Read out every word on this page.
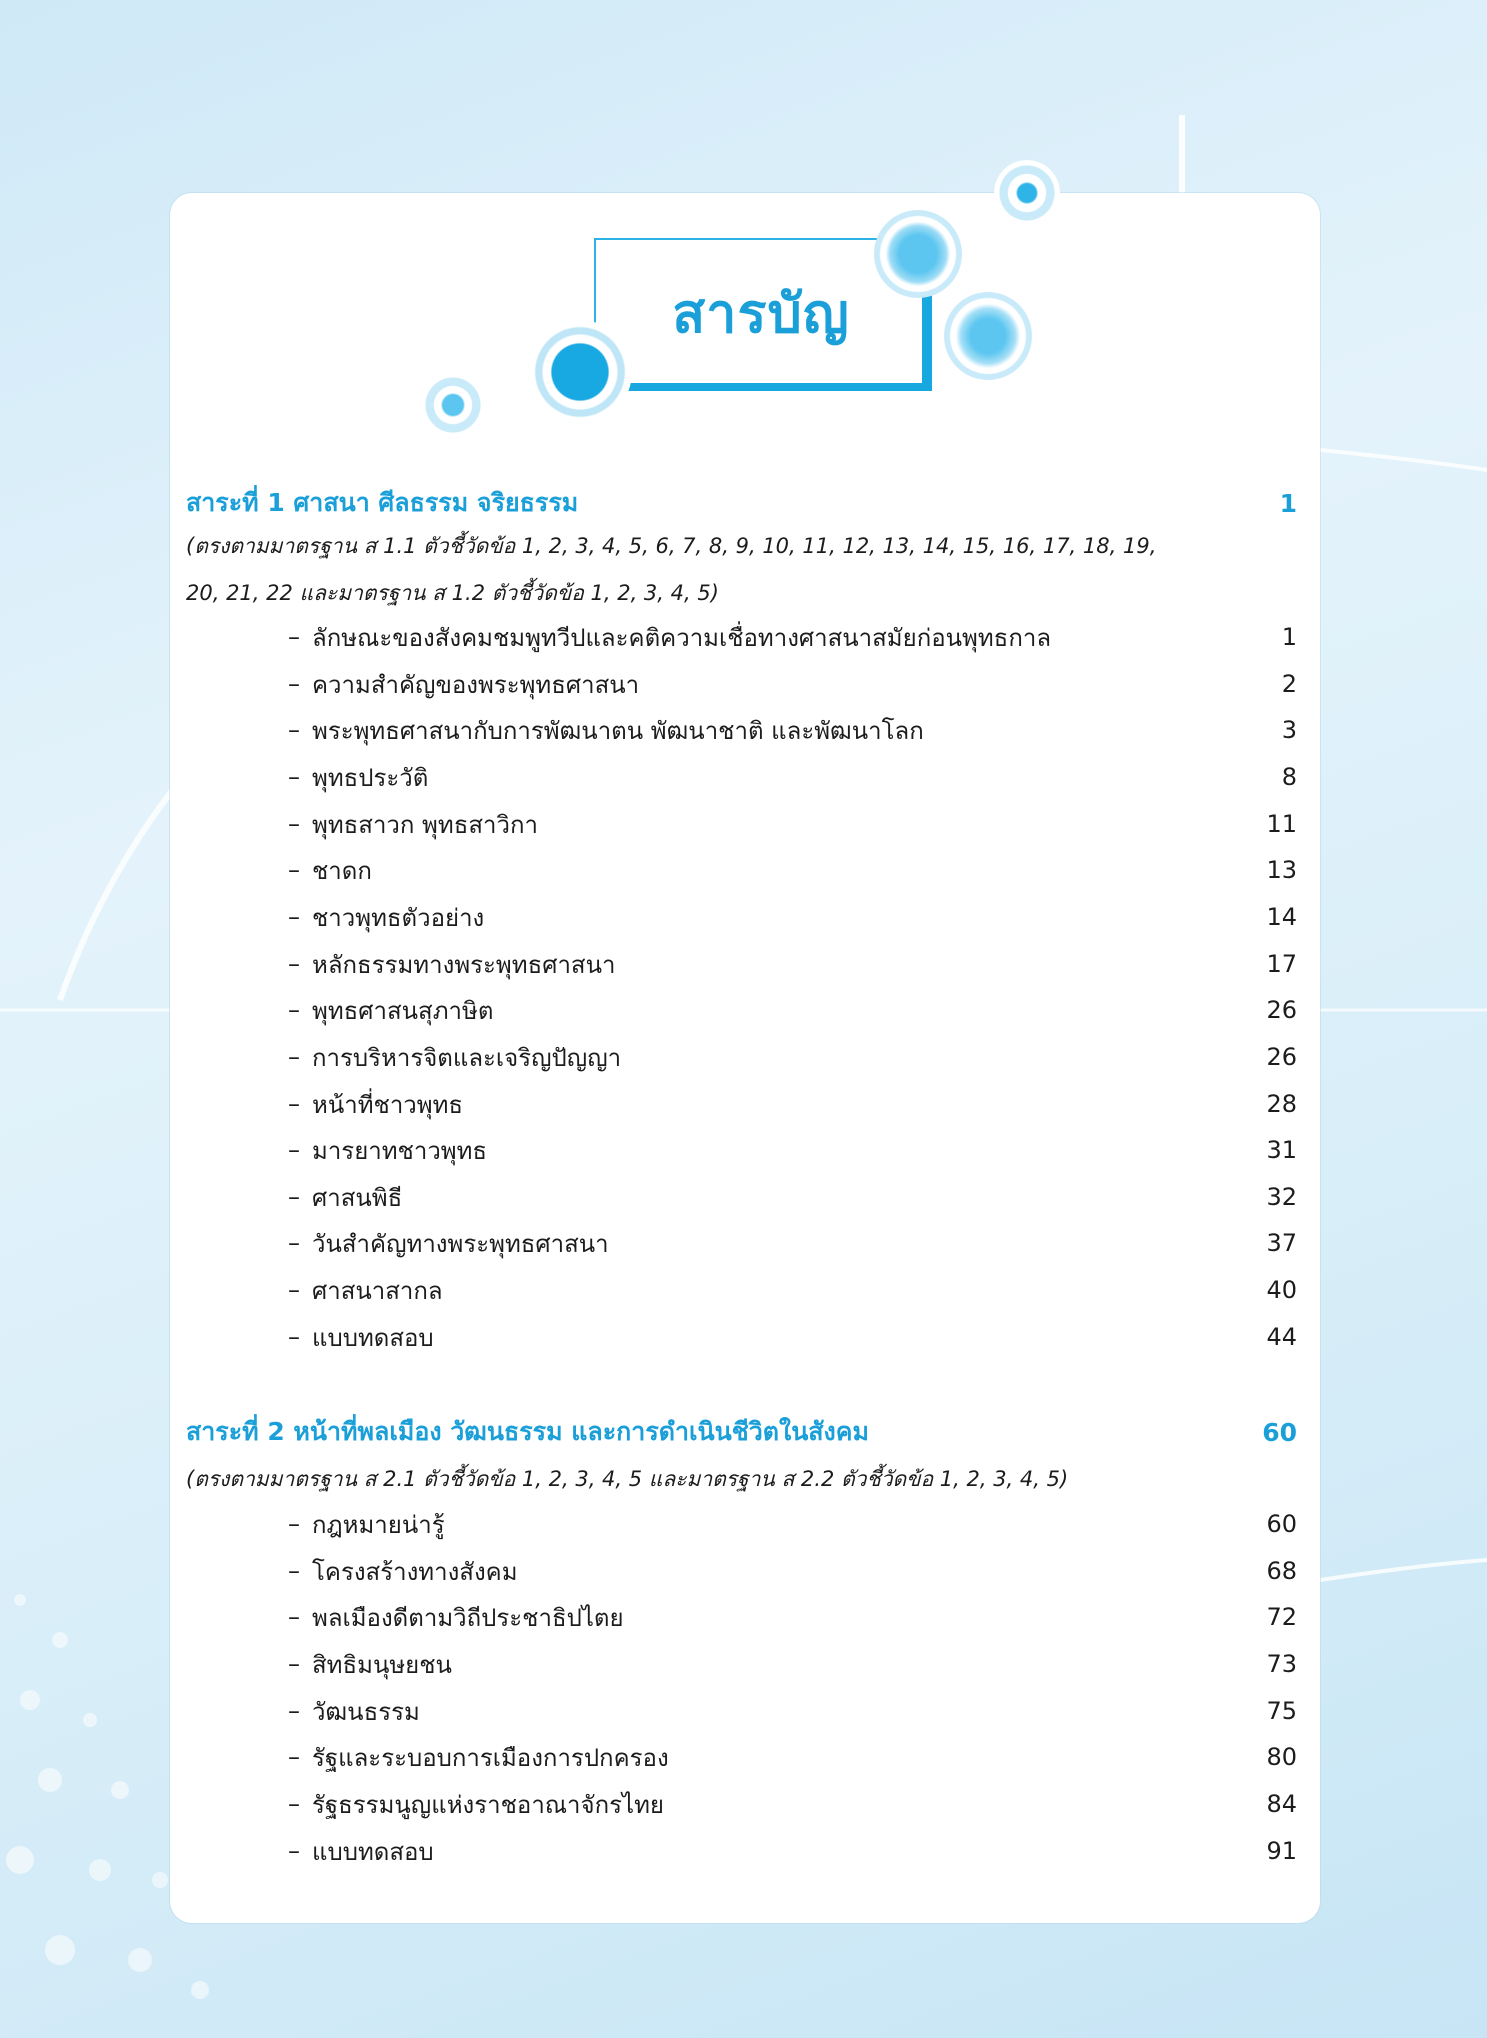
สารบัญ
สาระที่ 1 ศาสนา ศีลธรรม จริยธรรม	1
(ตรงตามมาตรฐาน ส 1.1 ตัวชี้วัดข้อ 1, 2, 3, 4, 5, 6, 7, 8, 9, 10, 11, 12, 13, 14, 15, 16, 17, 18, 19,
20, 21, 22 และมาตรฐาน ส 1.2 ตัวชี้วัดข้อ 1, 2, 3, 4, 5)
– ลักษณะของสังคมชมพูทวีปและคติความเชื่อทางศาสนาสมัยก่อนพุทธกาล	1
– ความสำคัญของพระพุทธศาสนา	2
– พระพุทธศาสนากับการพัฒนาตน พัฒนาชาติ และพัฒนาโลก	3
– พุทธประวัติ	8
– พุทธสาวก พุทธสาวิกา	11
– ชาดก	13
– ชาวพุทธตัวอย่าง	14
– หลักธรรมทางพระพุทธศาสนา	17
– พุทธศาสนสุภาษิต	26
– การบริหารจิตและเจริญปัญญา	26
– หน้าที่ชาวพุทธ	28
– มารยาทชาวพุทธ	31
– ศาสนพิธี	32
– วันสำคัญทางพระพุทธศาสนา	37
– ศาสนาสากล	40
– แบบทดสอบ	44
สาระที่ 2 หน้าที่พลเมือง วัฒนธรรม และการดำเนินชีวิตในสังคม	60
(ตรงตามมาตรฐาน ส 2.1 ตัวชี้วัดข้อ 1, 2, 3, 4, 5 และมาตรฐาน ส 2.2 ตัวชี้วัดข้อ 1, 2, 3, 4, 5)
– กฎหมายน่ารู้	60
– โครงสร้างทางสังคม	68
– พลเมืองดีตามวิถีประชาธิปไตย	72
– สิทธิมนุษยชน	73
– วัฒนธรรม	75
– รัฐและระบอบการเมืองการปกครอง	80
– รัฐธรรมนูญแห่งราชอาณาจักรไทย	84
– แบบทดสอบ	91
